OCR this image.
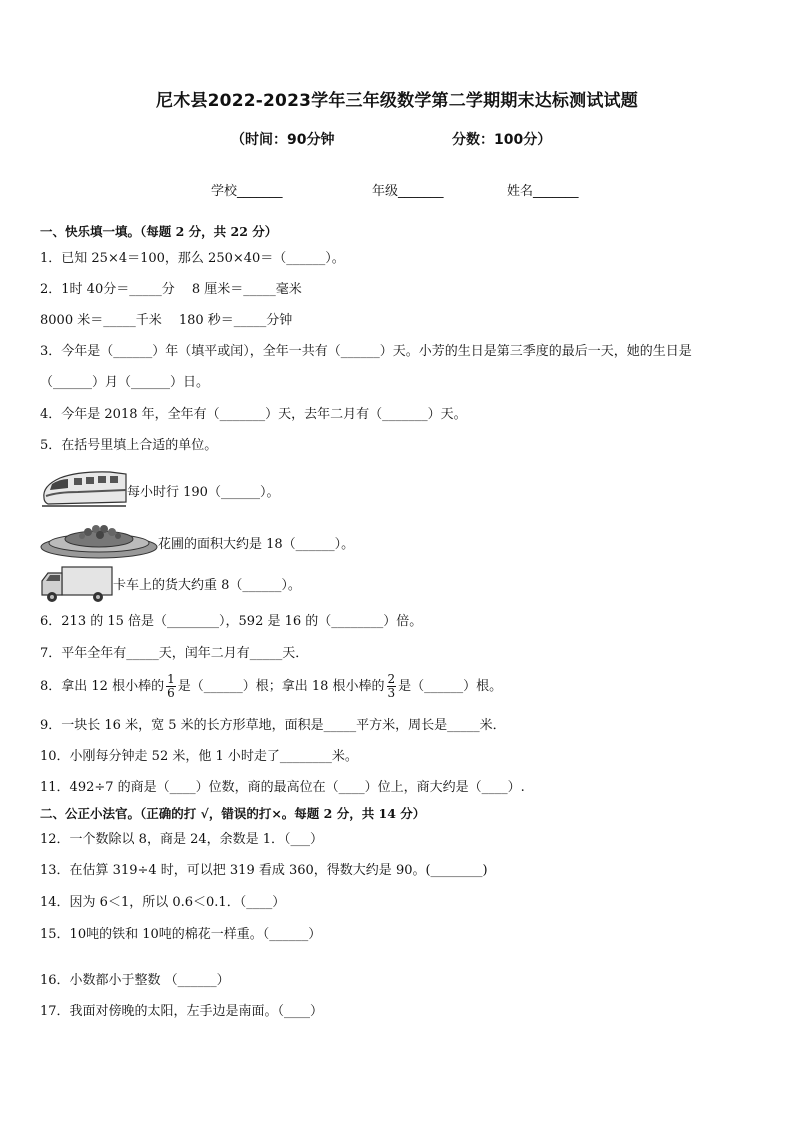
尼木县2022-2023学年三年级数学第二学期期末达标测试试题
（时间：90分钟	分数：100分）
学校_______	年级_______	姓名_______
一、快乐填一填。（每题 2 分，共 22 分）
1．已知 25×4＝100，那么 250×40＝（______）。
2．1时 40分＝_____分　 8 厘米＝_____毫米
8000 米＝_____千米　 180 秒＝_____分钟
3．今年是（______）年（填平或闰），全年一共有（______）天。小芳的生日是第三季度的最后一天，她的生日是
（______）月（______）日。
4．今年是 2018 年，全年有（_______）天，去年二月有（_______）天。
5．在括号里填上合适的单位。
每小时行 190（______）。
花圃的面积大约是 18（______）。
卡车上的货大约重 8（______）。
6．213 的 15 倍是（________），592 是 16 的（________）倍。
7．平年全年有_____天，闰年二月有_____天．
8．拿出 12 根小棒的 $\frac{1}{6}$ 是（______）根；拿出 18 根小棒的 $\frac{2}{3}$ 是（______）根。
9．一块长 16 米，宽 5 米的长方形草地，面积是_____平方米，周长是_____米．
10．小刚每分钟走 52 米，他 1 小时走了________米。
11．492÷7 的商是（____）位数，商的最高位在（____）位上，商大约是（____）.
二、公正小法官。（正确的打 √，错误的打×。每题 2 分，共 14 分）
12．一个数除以 8，商是 24，余数是 1．（___）
13．在估算 319÷4 时，可以把 319 看成 360，得数大约是 90。(________)
14．因为 6＜1，所以 0.6＜0.1．（____）
15．10吨的铁和 10吨的棉花一样重。（______）
16．小数都小于整数 （______）
17．我面对傍晚的太阳，左手边是南面。（____）
